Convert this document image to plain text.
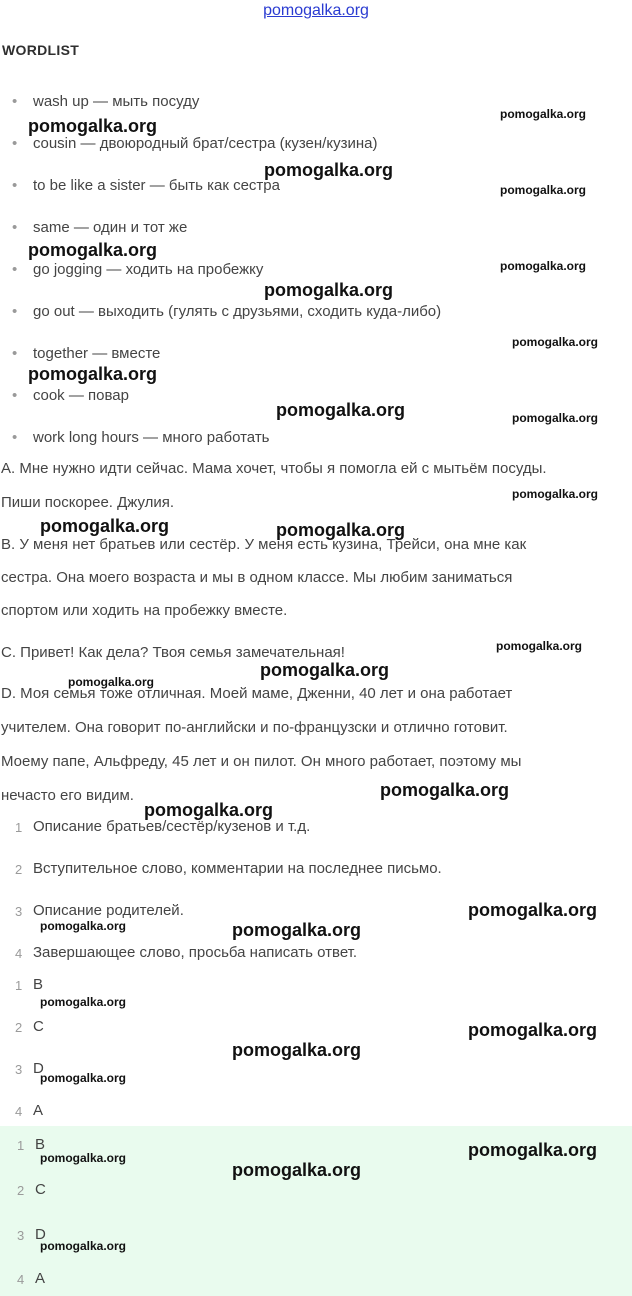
pomogalka.org
WORDLIST
• wash up — мыть посуду
• cousin — двоюродный брат/сестра (кузен/кузина)
• to be like a sister — быть как сестра
• same — один и тот же
• go jogging — ходить на пробежку
• go out — выходить (гулять с друзьями, сходить куда-либо)
• together — вместе
• cook — повар
• work long hours — много работать
A. Мне нужно идти сейчас. Мама хочет, чтобы я помогла ей с мытьём посуды.
Пиши поскорее. Джулия.
B. У меня нет братьев или сестёр. У меня есть кузина, Трейси, она мне как
сестра. Она моего возраста и мы в одном классе. Мы любим заниматься
спортом или ходить на пробежку вместе.
C. Привет! Как дела? Твоя семья замечательная!
D. Моя семья тоже отличная. Моей маме, Дженни, 40 лет и она работает
учителем. Она говорит по-английски и по-французски и отлично готовит.
Моему папе, Альфреду, 45 лет и он пилот. Он много работает, поэтому мы
нечасто его видим.
1 Описание братьев/сестёр/кузенов и т.д.
2 Вступительное слово, комментарии на последнее письмо.
3 Описание родителей.
4 Завершающее слово, просьба написать ответ.
1 B
2 C
3 D
4 A
1 B
2 C
3 D
4 A
pomogalka.org
pomogalka.org
pomogalka.org
pomogalka.org
pomogalka.org
pomogalka.org
pomogalka.org
pomogalka.org
pomogalka.org
pomogalka.org	pomogalka.org
pomogalka.org
pomogalka.org	pomogalka.org
pomogalka.org
pomogalka.org
pomogalka.org
pomogalka.org
pomogalka.org
pomogalka.org
pomogalka.org	pomogalka.org
pomogalka.org
pomogalka.org
pomogalka.org
pomogalka.org
pomogalka.org
pomogalka.org
pomogalka.org
pomogalka.org
